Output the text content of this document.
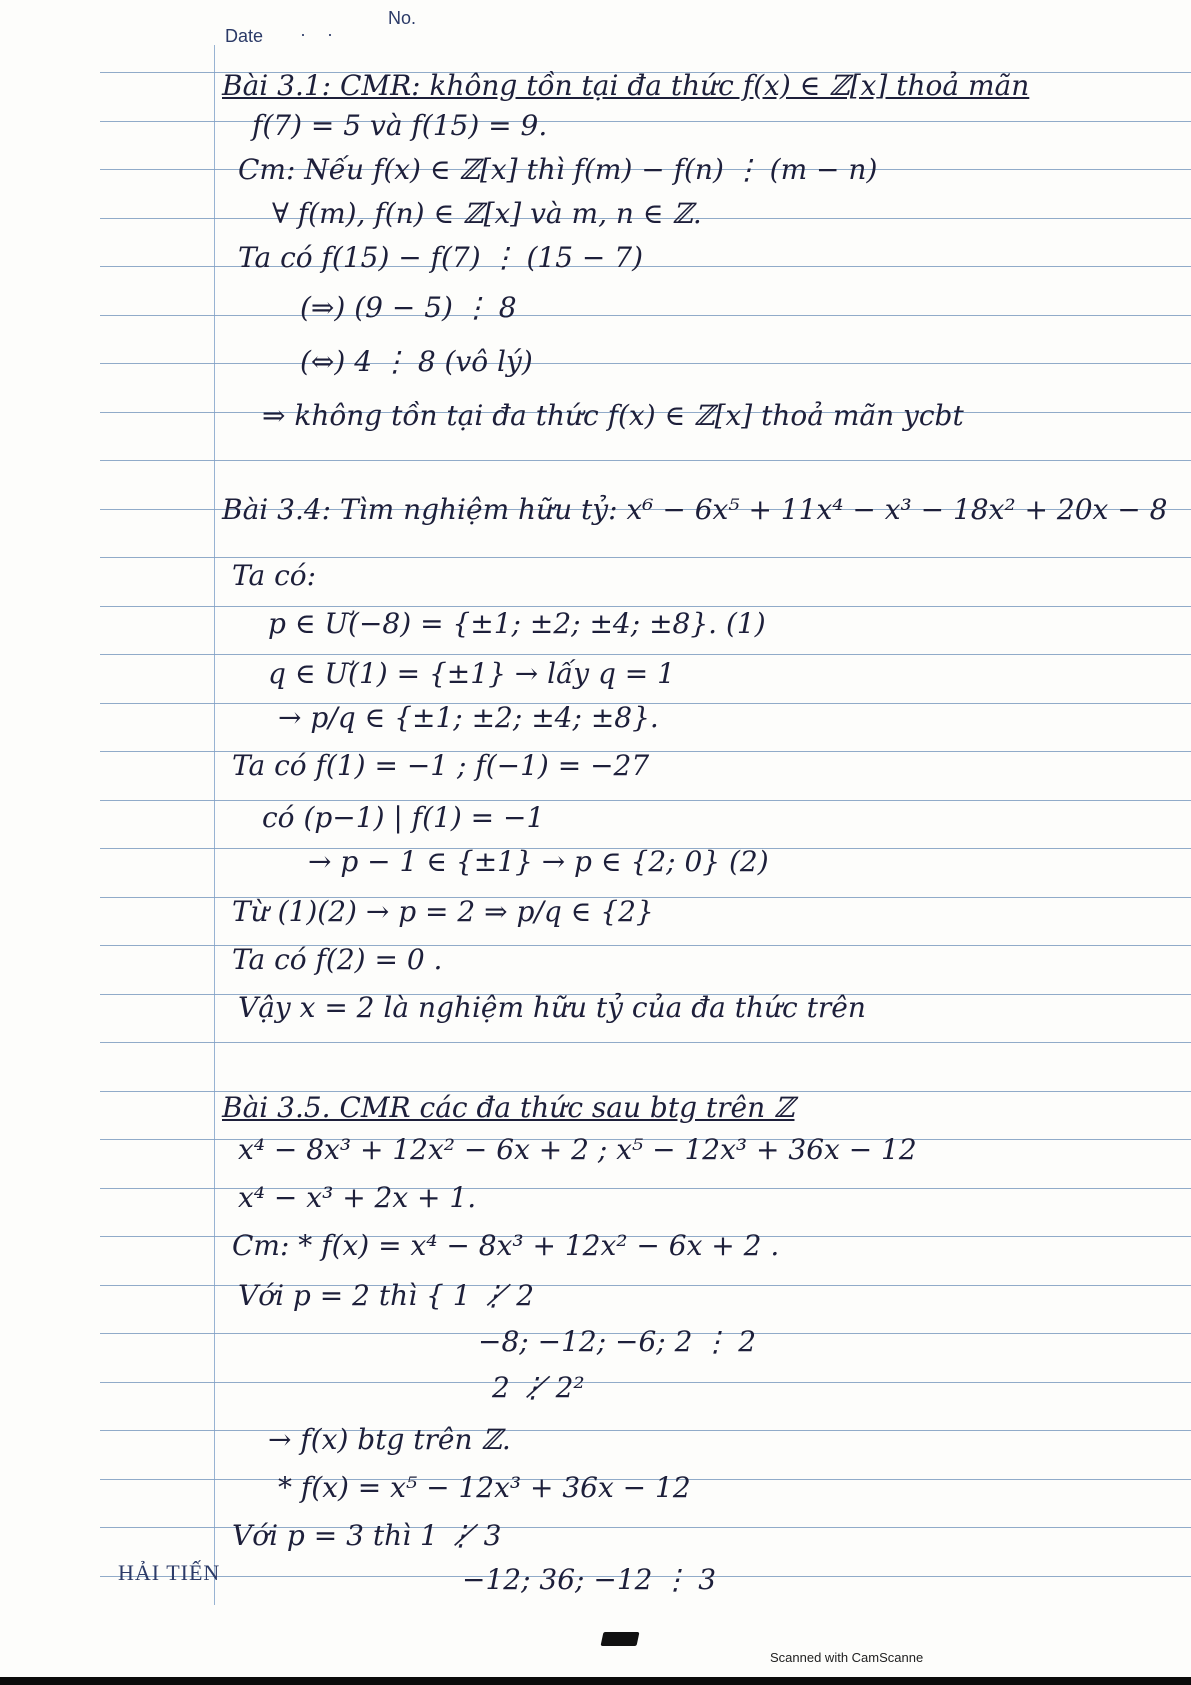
Date · ·
No.
Bài 3.1: CMR: không tồn tại đa thức f(x) ∈ ℤ[x] thoả mãn
f(7) = 5 và f(15) = 9.
Cm: Nếu f(x) ∈ ℤ[x] thì f(m) − f(n) ⋮ (m − n)
∀ f(m), f(n) ∈ ℤ[x] và m, n ∈ ℤ.
Ta có f(15) − f(7) ⋮ (15 − 7)
(⇒) (9 − 5) ⋮ 8
(⇔) 4 ⋮ 8 (vô lý)
⇒ không tồn tại đa thức f(x) ∈ ℤ[x] thoả mãn ycbt
Bài 3.4: Tìm nghiệm hữu tỷ: x⁶ − 6x⁵ + 11x⁴ − x³ − 18x² + 20x − 8
Ta có:
p ∈ Ư(−8) = {±1; ±2; ±4; ±8}. (1)
q ∈ Ư(1) = {±1} → lấy q = 1
→ p/q ∈ {±1; ±2; ±4; ±8}.
Ta có f(1) = −1 ; f(−1) = −27
có (p−1) | f(1) = −1
→ p − 1 ∈ {±1} → p ∈ {2; 0} (2)
Từ (1)(2) → p = 2 ⇒ p/q ∈ {2}
Ta có f(2) = 0 .
Vậy x = 2 là nghiệm hữu tỷ của đa thức trên
Bài 3.5. CMR các đa thức sau btg trên ℤ
x⁴ − 8x³ + 12x² − 6x + 2 ; x⁵ − 12x³ + 36x − 12
x⁴ − x³ + 2x + 1.
Cm: * f(x) = x⁴ − 8x³ + 12x² − 6x + 2 .
Với p = 2 thì { 1 ⋮̸ 2
−8; −12; −6; 2 ⋮ 2
2 ⋮̸ 2²
→ f(x) btg trên ℤ.
* f(x) = x⁵ − 12x³ + 36x − 12
Với p = 3 thì 1 ⋮̸ 3
−12; 36; −12 ⋮ 3
HẢI TIẾN
Scanned with CamScanne
